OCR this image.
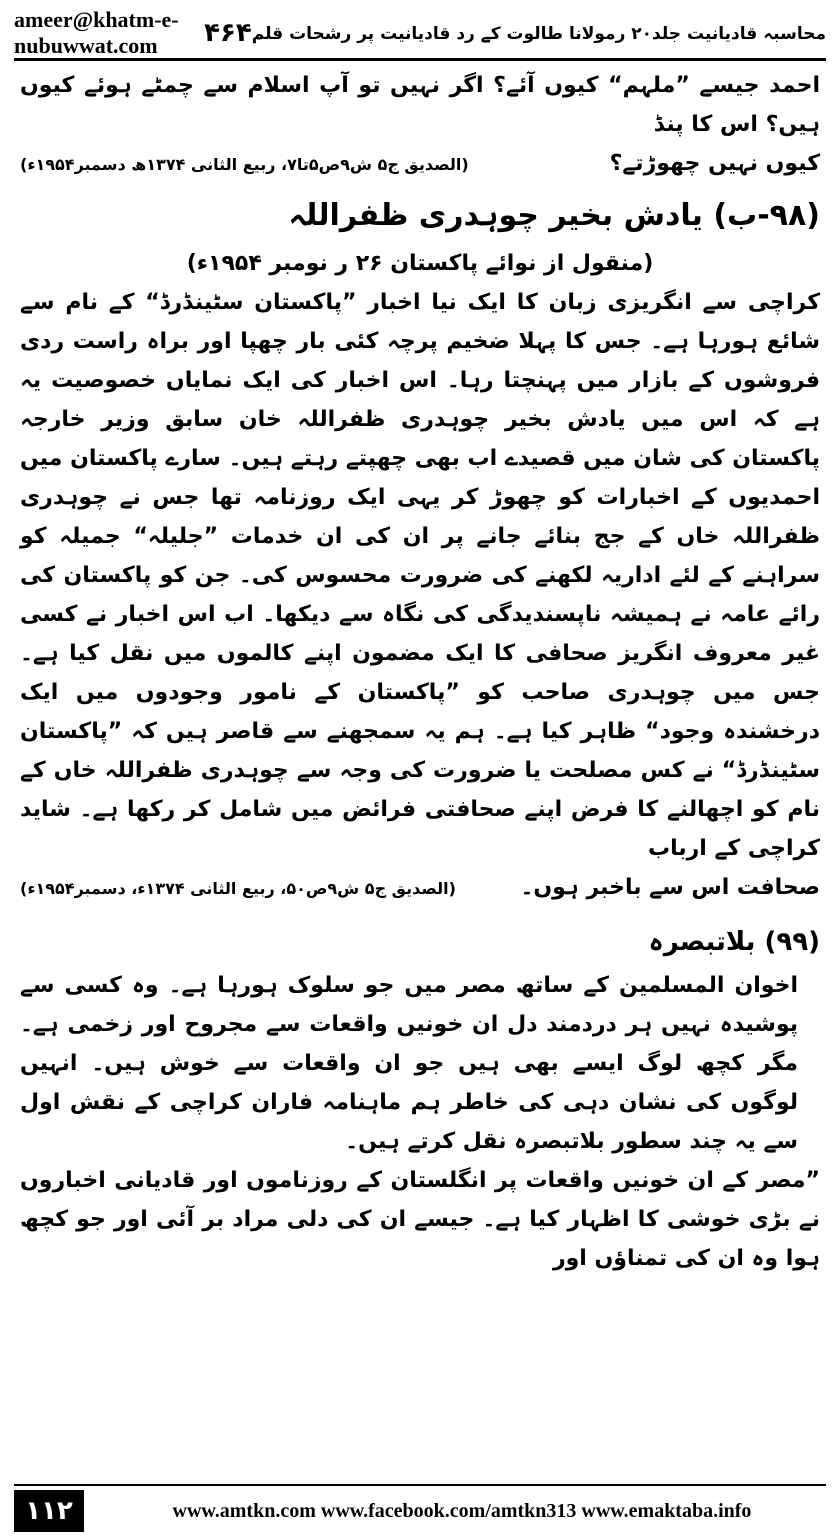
ameer@khatm-e-nubuwwat.com	۴۶۴ محاسبہ قادیانیت جلد۲۰ رمولانا طالوت کے رد قادیانیت پر رشحات قلم

احمد جیسے ”ملہم“ کیوں آئے؟ اگر نہیں تو آپ اسلام سے چمٹے ہوئے کیوں ہیں؟ اس کا پنڈ

کیوں نہیں چھوڑتے؟
(الصدیق ج۵ ش۹ص۵تا۷، ربیع الثانی ۱۳۷۴ھ دسمبر۱۹۵۴ء)
(۹۸-ب) یادش بخیر چوہدری ظفراللہ

(منقول از نوائے پاکستان ۲۶ ر نومبر ۱۹۵۴ء)

کراچی سے انگریزی زبان کا ایک نیا اخبار ”پاکستان سٹینڈرڈ“ کے نام سے شائع ہورہا ہے۔ جس کا پہلا ضخیم پرچہ کئی بار چھپا اور براہ راست ردی فروشوں کے بازار میں پہنچتا رہا۔ اس اخبار کی ایک نمایاں خصوصیت یہ ہے کہ اس میں یادش بخیر چوہدری ظفراللہ خان سابق وزیر خارجہ پاکستان کی شان میں قصیدے اب بھی چھپتے رہتے ہیں۔ سارے پاکستان میں احمدیوں کے اخبارات کو چھوڑ کر یہی ایک روزنامہ تھا جس نے چوہدری ظفراللہ خاں کے جج بنائے جانے پر ان کی ان خدمات ”جلیلہ“ جمیلہ کو سراہنے کے لئے اداریہ لکھنے کی ضرورت محسوس کی۔ جن کو پاکستان کی رائے عامہ نے ہمیشہ ناپسندیدگی کی نگاہ سے دیکھا۔ اب اس اخبار نے کسی غیر معروف انگریز صحافی کا ایک مضمون اپنے کالموں میں نقل کیا ہے۔ جس میں چوہدری صاحب کو ”پاکستان کے نامور وجودوں میں ایک درخشندہ وجود“ ظاہر کیا ہے۔ ہم یہ سمجھنے سے قاصر ہیں کہ ”پاکستان سٹینڈرڈ“ نے کس مصلحت یا ضرورت کی وجہ سے چوہدری ظفراللہ خاں کے نام کو اچھالنے کا فرض اپنے صحافتی فرائض میں شامل کر رکھا ہے۔ شاید کراچی کے ارباب

صحافت اس سے باخبر ہوں۔
(الصدیق ج۵ ش۹ص۵۰، ربیع الثانی ۱۳۷۴ء، دسمبر۱۹۵۴ء)
(۹۹) بلاتبصرہ

اخوان المسلمین کے ساتھ مصر میں جو سلوک ہورہا ہے۔ وہ کسی سے پوشیدہ نہیں ہر دردمند دل ان خونیں واقعات سے مجروح اور زخمی ہے۔ مگر کچھ لوگ ایسے بھی ہیں جو ان واقعات سے خوش ہیں۔ انہیں لوگوں کی نشان دہی کی خاطر ہم ماہنامہ فاران کراچی کے نقش اول سے یہ چند سطور بلاتبصرہ نقل کرتے ہیں۔

”مصر کے ان خونیں واقعات پر انگلستان کے روزناموں اور قادیانی اخباروں نے بڑی خوشی کا اظہار کیا ہے۔ جیسے ان کی دلی مراد بر آئی اور جو کچھ ہوا وہ ان کی تمناؤں اور

۱۱۲	www.amtkn.com www.facebook.com/amtkn313 www.emaktaba.info
